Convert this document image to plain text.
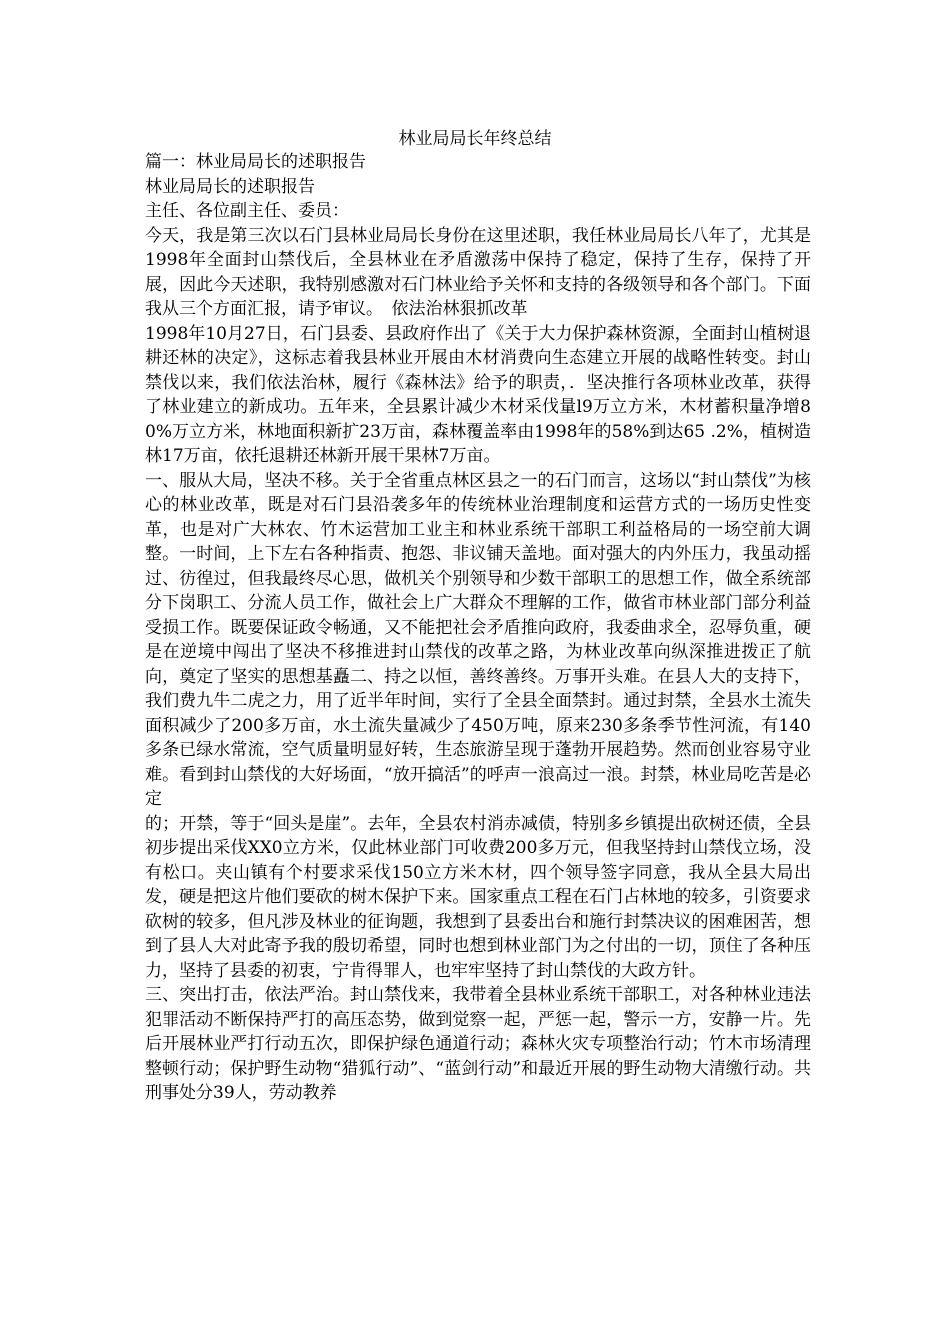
林业局局长年终总结

篇一：林业局局长的述职报告

林业局局长的述职报告

主任、各位副主任、委员：

今天，我是第三次以石门县林业局局长身份在这里述职，我任林业局局长八年了，尤其是1998年全面封山禁伐后，全县林业在矛盾激荡中保持了稳定，保持了生存，保持了开展，因此今天述职，我特别感激对石门林业给予关怀和支持的各级领导和各个部门。下面我从三个方面汇报，请予审议。　依法治林狠抓改革

1998年10月27日，石门县委、县政府作出了《关于大力保护森林资源，全面封山植树退耕还林的决定》，这标志着我县林业开展由木材消费向生态建立开展的战略性转变。封山禁伐以来，我们依法治林，履行《森林法》给予的职责，．坚决推行各项林业改革，获得了林业建立的新成功。五年来，全县累计减少木材采伐量l9万立方米，木材蓄积量净增80%万立方米，林地面积新扩23万亩，森林覆盖率由1998年的58%到达65 .2%，植树造林17万亩，依托退耕还林新开展干果林7万亩。

一、服从大局，坚决不移。关于全省重点林区县之一的石门而言，这场以“封山禁伐”为核心的林业改革，既是对石门县沿袭多年的传统林业治理制度和运营方式的一场历史性变革，也是对广大林农、竹木运营加工业主和林业系统干部职工利益格局的一场空前大调整。一时间，上下左右各种指责、抱怨、非议铺天盖地。面对强大的内外压力，我虽动摇过、彷徨过，但我最终尽心思，做机关个别领导和少数干部职工的思想工作，做全系统部分下岗职工、分流人员工作，做社会上广大群众不理解的工作，做省市林业部门部分利益受损工作。既要保证政令畅通，又不能把社会矛盾推向政府，我委曲求全，忍辱负重，硬是在逆境中闯出了坚决不移推进封山禁伐的改革之路，为林业改革向纵深推进拨正了航向，奠定了坚实的思想基矗二、持之以恒，善终善终。万事开头难。在县人大的支持下，我们费九牛二虎之力，用了近半年时间，实行了全县全面禁封。通过封禁，全县水土流失面积减少了200多万亩，水土流失量减少了450万吨，原来230多条季节性河流，有140多条已绿水常流，空气质量明显好转，生态旅游呈现于蓬勃开展趋势。然而创业容易守业难。看到封山禁伐的大好场面，“放开搞活”的呼声一浪高过一浪。封禁，林业局吃苦是必定

的；开禁，等于“回头是崖”。去年，全县农村消赤减债，特别多乡镇提出砍树还债，全县初步提出采伐XX0立方米，仅此林业部门可收费200多万元，但我坚持封山禁伐立场，没有松口。夹山镇有个村要求采伐150立方米木材，四个领导签字同意，我从全县大局出发，硬是把这片他们要砍的树木保护下来。国家重点工程在石门占林地的较多，引资要求砍树的较多，但凡涉及林业的征询题，我想到了县委出台和施行封禁决议的困难困苦，想到了县人大对此寄予我的殷切希望，同时也想到林业部门为之付出的一切，顶住了各种压力，坚持了县委的初衷，宁肯得罪人，也牢牢坚持了封山禁伐的大政方针。

三、突出打击，依法严治。封山禁伐来，我带着全县林业系统干部职工，对各种林业违法犯罪活动不断保持严打的高压态势，做到觉察一起，严惩一起，警示一方，安静一片。先后开展林业严打行动五次，即保护绿色通道行动；森林火灾专项整治行动；竹木市场清理整顿行动；保护野生动物“猎狐行动”、“蓝剑行动”和最近开展的野生动物大清缴行动。共刑事处分39人，劳动教养
